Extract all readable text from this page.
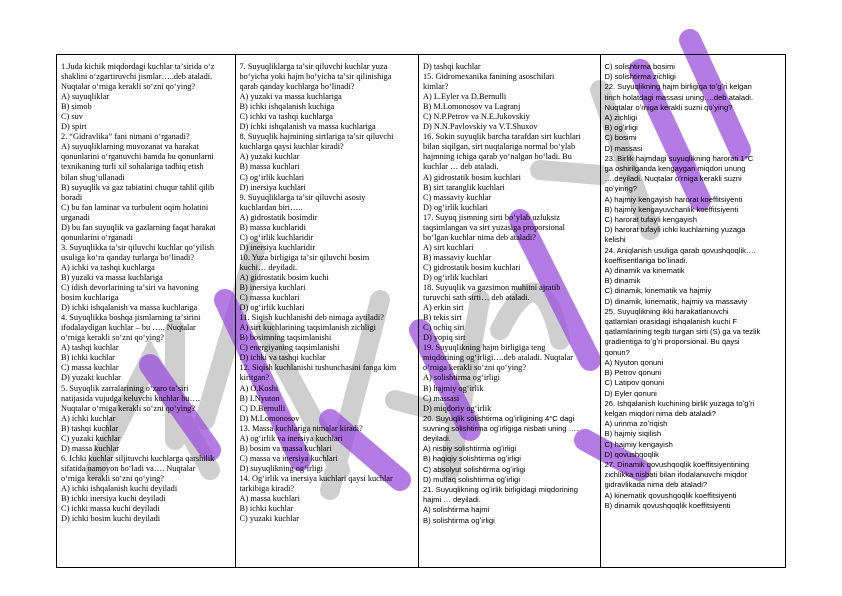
1.Juda kichik miqdordagi kuchlar taʼsirida oʻz
shaklini oʻzgartiruvchi jismlar…..deb ataladi.
Nuqtalar oʻrniga kerakli soʻzni qoʻying?
A) suyuqliklar
B) simob
C) suv
D) spirt
2. “Gidravlika” fani nimani oʻrganadi?
A) suyuqliklarning muvozanat va harakat
qonunlarini oʻrganuvchi hamda bu qonunlarni
texnikaning turli xil sohalariga tadbiq etish
bilan shugʻullanadi
B) suyuqlik va gaz tabiatini chuqur tahlil qilib
boradi
C) bu fan laminar va turbulent oqim holatini
urganadi
D) bu fan suyuqlik va gazlarning faqat harakat
qonunlarini oʻrganadi
3. Suyuqlikka taʼsir qiluvchi kuchlar qoʻyilish
usuliga koʻra qanday turlarga boʻlinadi?
A) ichki va tashqi kuchlarga
B) yuzaki va massa kuchlariga
C) idish devorlarining taʼsiri va havoning
bosim kuchlariga
D) ichki ishqalanish va massa kuchlariga
4. Suyuqlikka boshqa jismlarning taʼsirini
ifodalaydigan kuchlar – bu ….. Nuqtalar
oʻrniga kerakli soʻzni qoʻying?
A) tashqi kuchlar
B) ichki kuchlar
C) massa kuchlar
D) yuzaki kuchlar
5. Suyuqlik zarralarining oʻzaro taʼsiri
natijasida vujudga keluvchi kuchlar bu….
Nuqtalar oʻrniga kerakli soʻzni qoʻying?
A) ichki kuchlar
B) tashqi kuchlar
C) yuzaki kuchlar
D) massa kuchlar
6. Ichki kuchlar siljituvchi kuchlarga qarshilik
sifatida namoyon boʻladi va…. Nuqtalar
oʻrniga kerakli soʻzni qoʻying?
A) ichki ishqalanish kuchi deyiladi
B) ichki inersiya kuchi deyiladi
C) ichki massa kuchi deyiladi
D) ichki bosim kuchi deyiladi
7. Suyuqliklarga taʼsir qiluvchi kuchlar yuza
boʻyicha yoki hajm boʻyicha taʼsir qilinishiga
qarab qanday kuchlarga boʻlinadi?
A) yuzaki va massa kuchlariga
B) ichki ishqalanish kuchiga
C) ichki va tashqi kuchlarga
D) ichki ishqalanish va massa kuchlariga
8. Suyuqlik hajmining sirtlariga taʼsir qiluvchi
kuchlarga qaysi kuchlar kiradi?
A) yuzaki kuchlar
B) massa kuchlari
C) ogʻirlik kuchlari
D) inersiya kuchlari
9. Suyuqliklarga taʼsir qiluvchi asosiy
kuchlardan biri…..
A) gidrostatik bosimdir
B) massa kuchlaridi
C) ogʻirlik kuchlaridir
D) inersiya kuchlaridir
10. Yuza birligiga taʼsir qiluvchi bosim
kuchi… deyiladi.
A) gidrostatik bosim kuchi
B) inersiya kuchlari
C) massa kuchlari
D) ogʻirlik kuchlari
11. Siqish kuchlanishi deb nimaga aytiladi?
A) sirt kuchlarining taqsimlanish zichligi
B) bosimning taqsimlanishi
C) energiyaning taqsimlanishi
D) ichki va tashqi kuchlar
12. Siqish kuchlanishi tushunchasini fanga kim
kiritgan?
A) O.Koshi
B) I.Nyuton
C) D.Bernulli
D) M.Lomonosov
13. Massa kuchlariga nimalar kiradi?
A) ogʻirlik va inersiya kuchlari
B) bosim va massa kuchlari
C) massa va inersiya kuchlari
D) suyuqlikning ogʻirligi
14. Ogʻirlik va inersiya kuchlari qaysi kuchlar
tarkibiga kiradi?
A) massa kuchlari
B) ichki kuchlar
C) yuzaki kuchlar
D) tashqi kuchlar
15. Gidromexanika fanining asoschilari
kimlar?
A) L.Eyler va D.Bernulli
B) M.Lomonosov va Lagranj
C) N.P.Petrov va N.E.Jukovskiy
D) N.N.Pavlovskiy va V.T.Shuxov
16. Sokin suyuqlik barcha tarafdan sirt kuchlari
bilan siqilgan, sirt nuqtalariga normal boʻylab
hajmning ichiga qarab yoʻnalgan boʻladi. Bu
kuchlar … deb ataladi.
A) gidrostatik bosim kuchlari
B) sirt taranglik kuchlari
C) massaviy kuchlar
D) ogʻirlik kuchlari
17. Suyuq jismning sirti boʻylab uzluksiz
taqsimlangan va sirt yuzasiga proporsional
boʻlgan kuchlar nima deb ataladi?
A) sirt kuchlari
B) massaviy kuchlar
C) gidrostatik bosim kuchlari
D) ogʻirlik kuchlari
18. Suyuqlik va gazsimon muhitni ajratib
turuvchi sath sirti… deb ataladi.
A) erkin sirt
B) tekis sirt
C) ochiq sirt
D) yopiq sirt
19. Suyuqlikning hajm birligiga teng
miqdorining ogʻirligi….deb ataladi. Nuqtalar
oʻrniga kerakli soʻzni qoʻying?
A) solishtirma ogʻirligi
B) hajmiy ogʻirlik
C) massasi
D) miqdoriy ogʻirlik
20. Suyuqlik solishtirma ogʻirligining 4°C dagi
suvning solishtirma ogʻirligiga nisbati uning ….
deyiladi.
A) nisbiy solishtirma ogʻirligi
B) haqiqiy solishtirma ogʻirligi
C) absolyut solishtirma ogʻirligi
D) mutlaq solishtirma ogʻirligi
21. Suyuqlikning ogʻirlik birligidagi miqdorining
hajmi … deyiladi.
A) solishtirma hajmi
B) solishtirma ogʻirligi
C) solishtirma bosimi
D) solishtirma zichligi
22. Suyuqlikning hajm birligiga toʻgʻri kelgan
tinch holatdagi massasi uning….deb ataladi.
Nuqtalar oʻrniga kerakli suzni qoʻying?
A) zichligi
B) ogʻirligi
C) bosimi
D) massasi
23. Birlik hajmdagi suyuqlikning harorati 1°C
ga oshirilganda kengaygan miqdori unung
….deyiladi. Nuqtalar oʻrniga kerakli suzni
qoʻyinng?
A) hajmiy kengayish harorat koeffitsiyenti
B) hajmiy kengayuvchanlik koeffitsiyenti
C) harorat tufayli kengayish
D) harorat tufayli ichki kuchlarning yuzaga
kelishi
24. Aniqlanish usuliga qarab qovushqoqlik….
koeffisentlariga boʻlinadi.
A) dinamik va kinematik
B) dinamik
C) dinamik, kinematik va hajmiy
D) dinamik, kinematik, hajmiy va massaviy
25. Suyuqlikning ikki harakatlanuvchi
qatlamlari orasidagi ishqalanish kuchi F
qatlamlarining tegib turgan sirti (S) ga va tezlik
gradientiga toʻgʻri proporsional. Bu qaysi
qonun?
A) Nyuton qonuni
B) Petrov qonuni
C) Latipov qonuni
D) Eyler qonuni
26. Ishqalanish kuchining birlik yuzaga toʻgʻri
kelgan miqdori nima deb ataladi?
A) urinma zoʻriqish
B) hajmiy siqilish
C) hajmiy kengayish
D) qovushqoqlik
27. Dinamik qovushqoqlik koeffitsiyentining
zichlikka nisbati bilan ifodalanuvchi miqdor
gidravlikada nima deb ataladi?
A) kinematik qovushqoqlik koeffitsiyenti
B) dinamik qovushqoqlik koeffitsiyenti
